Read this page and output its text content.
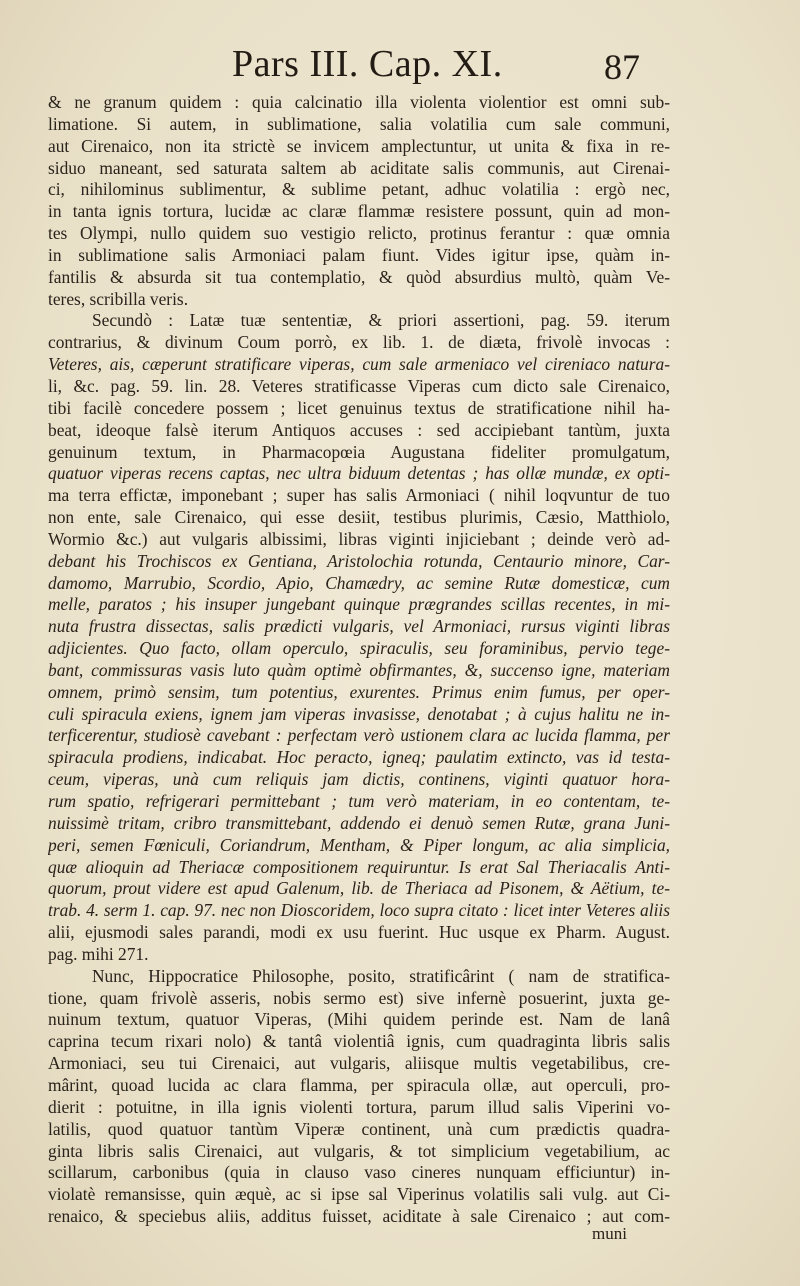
Pars III. Cap. XI.	87
& ne granum quidem : quia calcinatio illa violenta violentior est omni sub-
limatione. Si autem, in sublimatione, salia volatilia cum sale communi,
aut Cirenaico, non ita strictè se invicem amplectuntur, ut unita & fixa in re-
siduo maneant, sed saturata saltem ab aciditate salis communis, aut Cirenai-
ci, nihilominus sublimentur, & sublime petant, adhuc volatilia : ergò nec,
in tanta ignis tortura, lucidæ ac claræ flammæ resistere possunt, quin ad mon-
tes Olympi, nullo quidem suo vestigio relicto, protinus ferantur : quæ omnia
in sublimatione salis Armoniaci palam fiunt. Vides igitur ipse, quàm in-
fantilis & absurda sit tua contemplatio, & quòd absurdius multò, quàm Ve-
teres, scribilla veris.
Secundò : Latæ tuæ sententiæ, & priori assertioni, pag. 59. iterum
contrarius, & divinum Coum porrò, ex lib. 1. de diæta, frivolè invocas :
Veteres, ais, cæperunt stratificare viperas, cum sale armeniaco vel cireniaco natura-
li, &c. pag. 59. lin. 28. Veteres stratificasse Viperas cum dicto sale Cirenaico,
tibi facilè concedere possem ; licet genuinus textus de stratificatione nihil ha-
beat, ideoque falsè iterum Antiquos accuses : sed accipiebant tantùm, juxta
genuinum textum, in Pharmacopœia Augustana fideliter promulgatum,
quatuor viperas recens captas, nec ultra biduum detentas ; has ollæ mundæ, ex opti-
ma terra effictæ, imponebant ; super has salis Armoniaci ( nihil loqvuntur de tuo
non ente, sale Cirenaico, qui esse desiit, testibus plurimis, Cæsio, Matthiolo,
Wormio &c.) aut vulgaris albissimi, libras viginti injiciebant ; deinde verò ad-
debant his Trochiscos ex Gentiana, Aristolochia rotunda, Centaurio minore, Car-
damomo, Marrubio, Scordio, Apio, Chamædry, ac semine Rutæ domesticæ, cum
melle, paratos ; his insuper jungebant quinque prægrandes scillas recentes, in mi-
nuta frustra dissectas, salis prædicti vulgaris, vel Armoniaci, rursus viginti libras
adjicientes. Quo facto, ollam operculo, spiraculis, seu foraminibus, pervio tege-
bant, commissuras vasis luto quàm optimè obfirmantes, &, succenso igne, materiam
omnem, primò sensim, tum potentius, exurentes. Primus enim fumus, per oper-
culi spiracula exiens, ignem jam viperas invasisse, denotabat ; à cujus halitu ne in-
terficerentur, studiosè cavebant : perfectam verò ustionem clara ac lucida flamma, per
spiracula prodiens, indicabat. Hoc peracto, igneq; paulatim extincto, vas id testa-
ceum, viperas, unà cum reliquis jam dictis, continens, viginti quatuor hora-
rum spatio, refrigerari permittebant ; tum verò materiam, in eo contentam, te-
nuissimè tritam, cribro transmittebant, addendo ei denuò semen Rutæ, grana Juni-
peri, semen Fœniculi, Coriandrum, Mentham, & Piper longum, ac alia simplicia,
quæ alioquin ad Theriacæ compositionem requiruntur. Is erat Sal Theriacalis Anti-
quorum, prout videre est apud Galenum, lib. de Theriaca ad Pisonem, & Aëtium, te-
trab. 4. serm 1. cap. 97. nec non Dioscoridem, loco supra citato : licet inter Veteres aliis
alii, ejusmodi sales parandi, modi ex usu fuerint. Huc usque ex Pharm. August.
pag. mihi 271.
Nunc, Hippocratice Philosophe, posito, stratificârint ( nam de stratifica-
tione, quam frivolè asseris, nobis sermo est) sive infernè posuerint, juxta ge-
nuinum textum, quatuor Viperas, (Mihi quidem perinde est. Nam de lanâ
caprina tecum rixari nolo) & tantâ violentiâ ignis, cum quadraginta libris salis
Armoniaci, seu tui Cirenaici, aut vulgaris, aliisque multis vegetabilibus, cre-
mârint, quoad lucida ac clara flamma, per spiracula ollæ, aut operculi, pro-
dierit : potuitne, in illa ignis violenti tortura, parum illud salis Viperini vo-
latilis, quod quatuor tantùm Viperæ continent, unà cum prædictis quadra-
ginta libris salis Cirenaici, aut vulgaris, & tot simplicium vegetabilium, ac
scillarum, carbonibus (quia in clauso vaso cineres nunquam efficiuntur) in-
violatè remansisse, quin æquè, ac si ipse sal Viperinus volatilis sali vulg. aut Ci-
renaico, & speciebus aliis, additus fuisset, aciditate à sale Cirenaico ; aut com-
muni
